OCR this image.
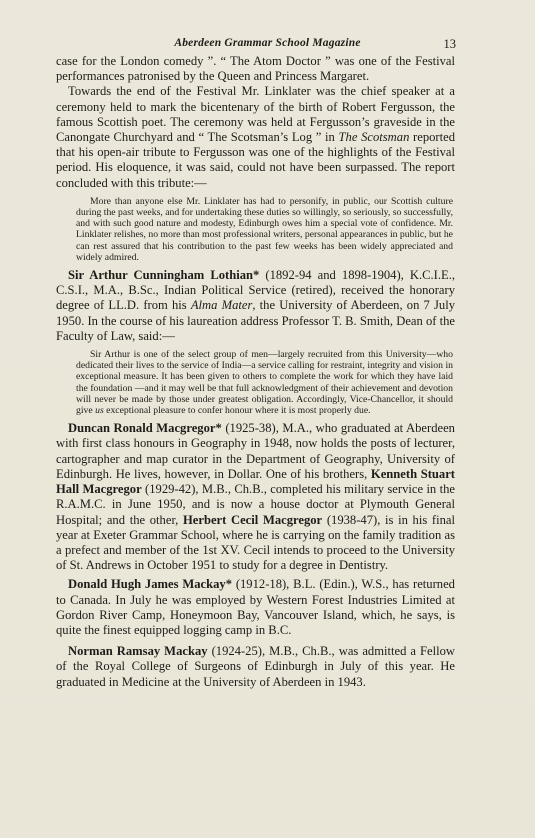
Aberdeen Grammar School Magazine	13

case for the London comedy ”. “ The Atom Doctor ” was one of the Festival performances patronised by the Queen and Princess Margaret.

Towards the end of the Festival Mr. Linklater was the chief speaker at a ceremony held to mark the bicentenary of the birth of Robert Fergusson, the famous Scottish poet. The ceremony was held at Fergusson’s graveside in the Canongate Churchyard and “ The Scotsman’s Log ” in The Scotsman reported that his open-air tribute to Fergusson was one of the highlights of the Festival period. His eloquence, it was said, could not have been surpassed. The report concluded with this tribute:—

More than anyone else Mr. Linklater has had to personify, in public, our Scottish culture during the past weeks, and for undertaking these duties so willingly, so seriously, so successfully, and with such good nature and modesty, Edinburgh owes him a special vote of confidence. Mr. Linklater relishes, no more than most professional writers, personal appearances in public, but he can rest assured that his contribution to the past few weeks has been widely appreciated and widely admired.

Sir Arthur Cunningham Lothian* (1892-94 and 1898-1904), K.C.I.E., C.S.I., M.A., B.Sc., Indian Political Service (retired), received the honorary degree of LL.D. from his Alma Mater, the University of Aberdeen, on 7 July 1950. In the course of his laureation address Professor T. B. Smith, Dean of the Faculty of Law, said:—

Sir Arthur is one of the select group of men—largely recruited from this University—who dedicated their lives to the service of India—a service calling for restraint, integrity and vision in exceptional measure. It has been given to others to complete the work for which they have laid the foundation —and it may well be that full acknowledgment of their achievement and devotion will never be made by those under greatest obligation. Accordingly, Vice-Chancellor, it should give us exceptional pleasure to confer honour where it is most properly due.

Duncan Ronald Macgregor* (1925-38), M.A., who graduated at Aberdeen with first class honours in Geography in 1948, now holds the posts of lecturer, cartographer and map curator in the Department of Geography, University of Edinburgh. He lives, however, in Dollar. One of his brothers, Kenneth Stuart Hall Macgregor (1929-42), M.B., Ch.B., completed his military service in the R.A.M.C. in June 1950, and is now a house doctor at Plymouth General Hospital; and the other, Herbert Cecil Macgregor (1938-47), is in his final year at Exeter Grammar School, where he is carrying on the family tradition as a prefect and member of the 1st XV. Cecil intends to proceed to the University of St. Andrews in October 1951 to study for a degree in Dentistry.

Donald Hugh James Mackay* (1912-18), B.L. (Edin.), W.S., has returned to Canada. In July he was employed by Western Forest Industries Limited at Gordon River Camp, Honeymoon Bay, Vancouver Island, which, he says, is quite the finest equipped logging camp in B.C.

Norman Ramsay Mackay (1924-25), M.B., Ch.B., was admitted a Fellow of the Royal College of Surgeons of Edinburgh in July of this year. He graduated in Medicine at the University of Aberdeen in 1943.
